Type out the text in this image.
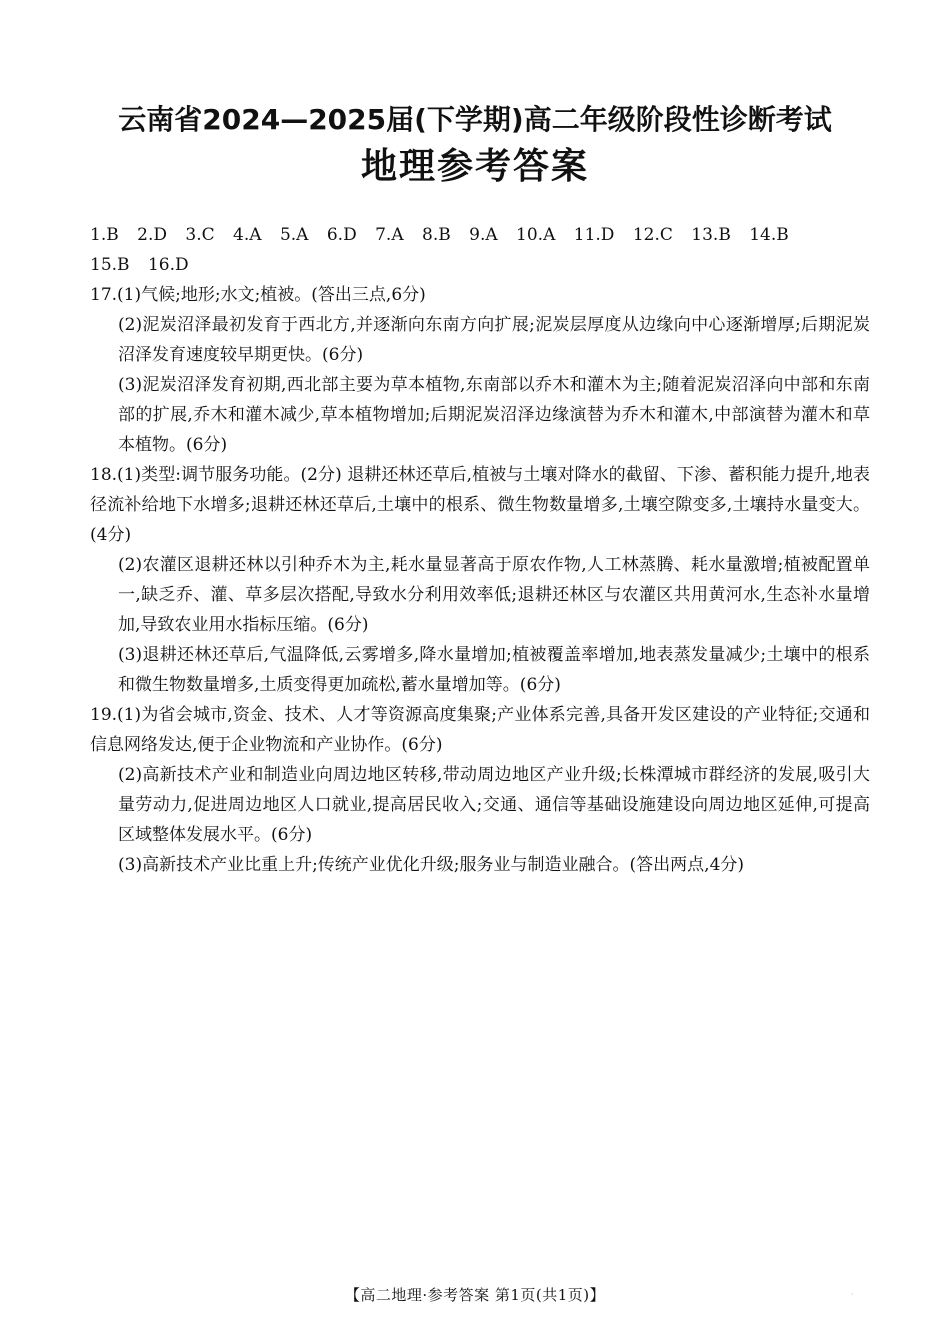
云南省2024—2025届(下学期)高二年级阶段性诊断考试
地理参考答案
1.B 2.D 3.C 4.A 5.A 6.D 7.A 8.B 9.A 10.A 11.D 12.C 13.B 14.B
15.B 16.D

17.(1)气候;地形;水文;植被。(答出三点,6分)

(2)泥炭沼泽最初发育于西北方,并逐渐向东南方向扩展;泥炭层厚度从边缘向中心逐渐增厚;后期泥炭沼泽发育速度较早期更快。(6分)

(3)泥炭沼泽发育初期,西北部主要为草本植物,东南部以乔木和灌木为主;随着泥炭沼泽向中部和东南部的扩展,乔木和灌木减少,草本植物增加;后期泥炭沼泽边缘演替为乔木和灌木,中部演替为灌木和草本植物。(6分)

18.(1)类型:调节服务功能。(2分) 退耕还林还草后,植被与土壤对降水的截留、下渗、蓄积能力提升,地表径流补给地下水增多;退耕还林还草后,土壤中的根系、微生物数量增多,土壤空隙变多,土壤持水量变大。(4分)

(2)农灌区退耕还林以引种乔木为主,耗水量显著高于原农作物,人工林蒸腾、耗水量激增;植被配置单一,缺乏乔、灌、草多层次搭配,导致水分利用效率低;退耕还林区与农灌区共用黄河水,生态补水量增加,导致农业用水指标压缩。(6分)

(3)退耕还林还草后,气温降低,云雾增多,降水量增加;植被覆盖率增加,地表蒸发量减少;土壤中的根系和微生物数量增多,土质变得更加疏松,蓄水量增加等。(6分)

19.(1)为省会城市,资金、技术、人才等资源高度集聚;产业体系完善,具备开发区建设的产业特征;交通和信息网络发达,便于企业物流和产业协作。(6分)

(2)高新技术产业和制造业向周边地区转移,带动周边地区产业升级;长株潭城市群经济的发展,吸引大量劳动力,促进周边地区人口就业,提高居民收入;交通、通信等基础设施建设向周边地区延伸,可提高区域整体发展水平。(6分)

(3)高新技术产业比重上升;传统产业优化升级;服务业与制造业融合。(答出两点,4分)

【高二地理·参考答案 第1页(共1页)】	·
